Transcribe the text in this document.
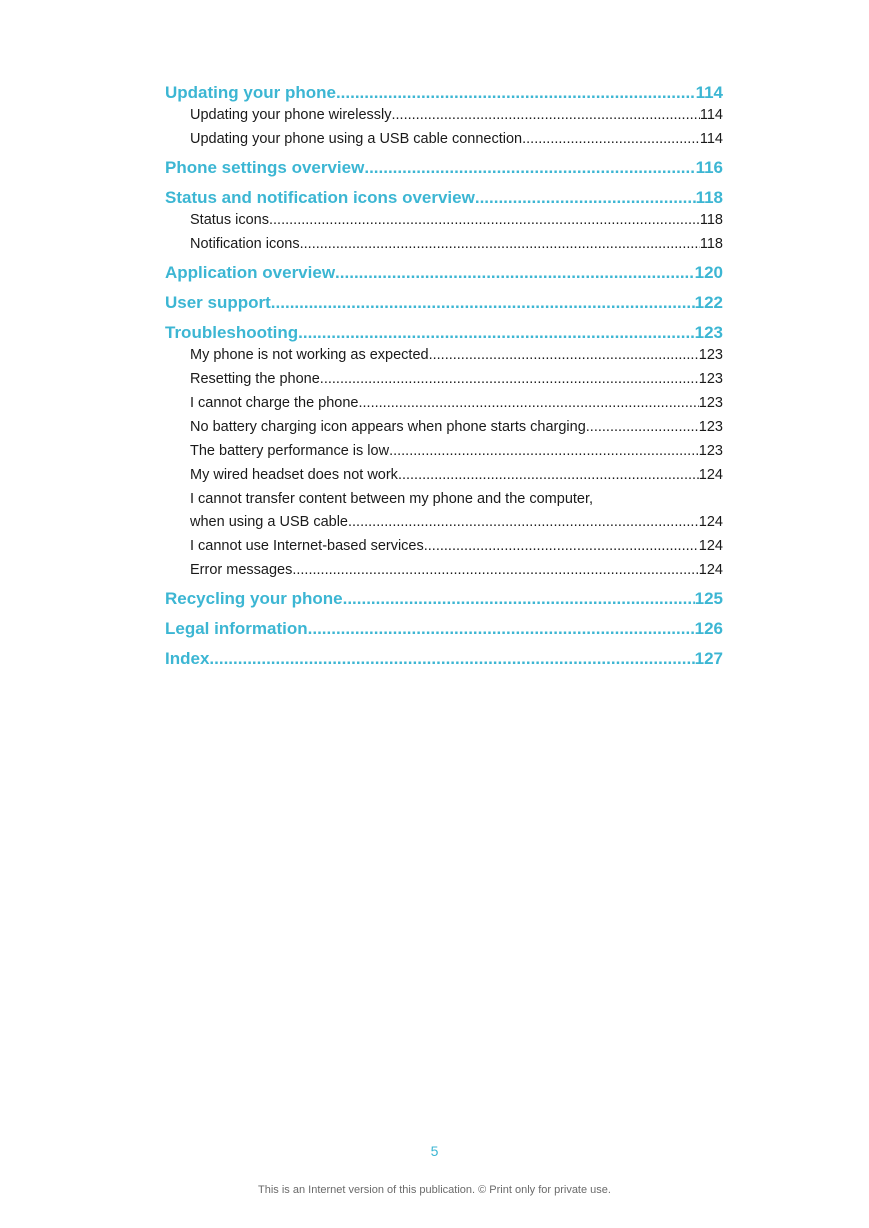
Updating your phone .....	114
Updating your phone wirelessly .....	114
Updating your phone using a USB cable connection .....	114
Phone settings overview .....	116
Status and notification icons overview .....	118
Status icons .....	118
Notification icons .....	118
Application overview .....	120
User support .....	122
Troubleshooting .....	123
My phone is not working as expected .....	123
Resetting the phone .....	123
I cannot charge the phone .....	123
No battery charging icon appears when phone starts charging .....	123
The battery performance is low .....	123
My wired headset does not work .....	124
I cannot transfer content between my phone and the computer,
when using a USB cable .....	124
I cannot use Internet-based services .....	124
Error messages .....	124
Recycling your phone .....	125
Legal information .....	126
Index .....	127
5
This is an Internet version of this publication. © Print only for private use.
